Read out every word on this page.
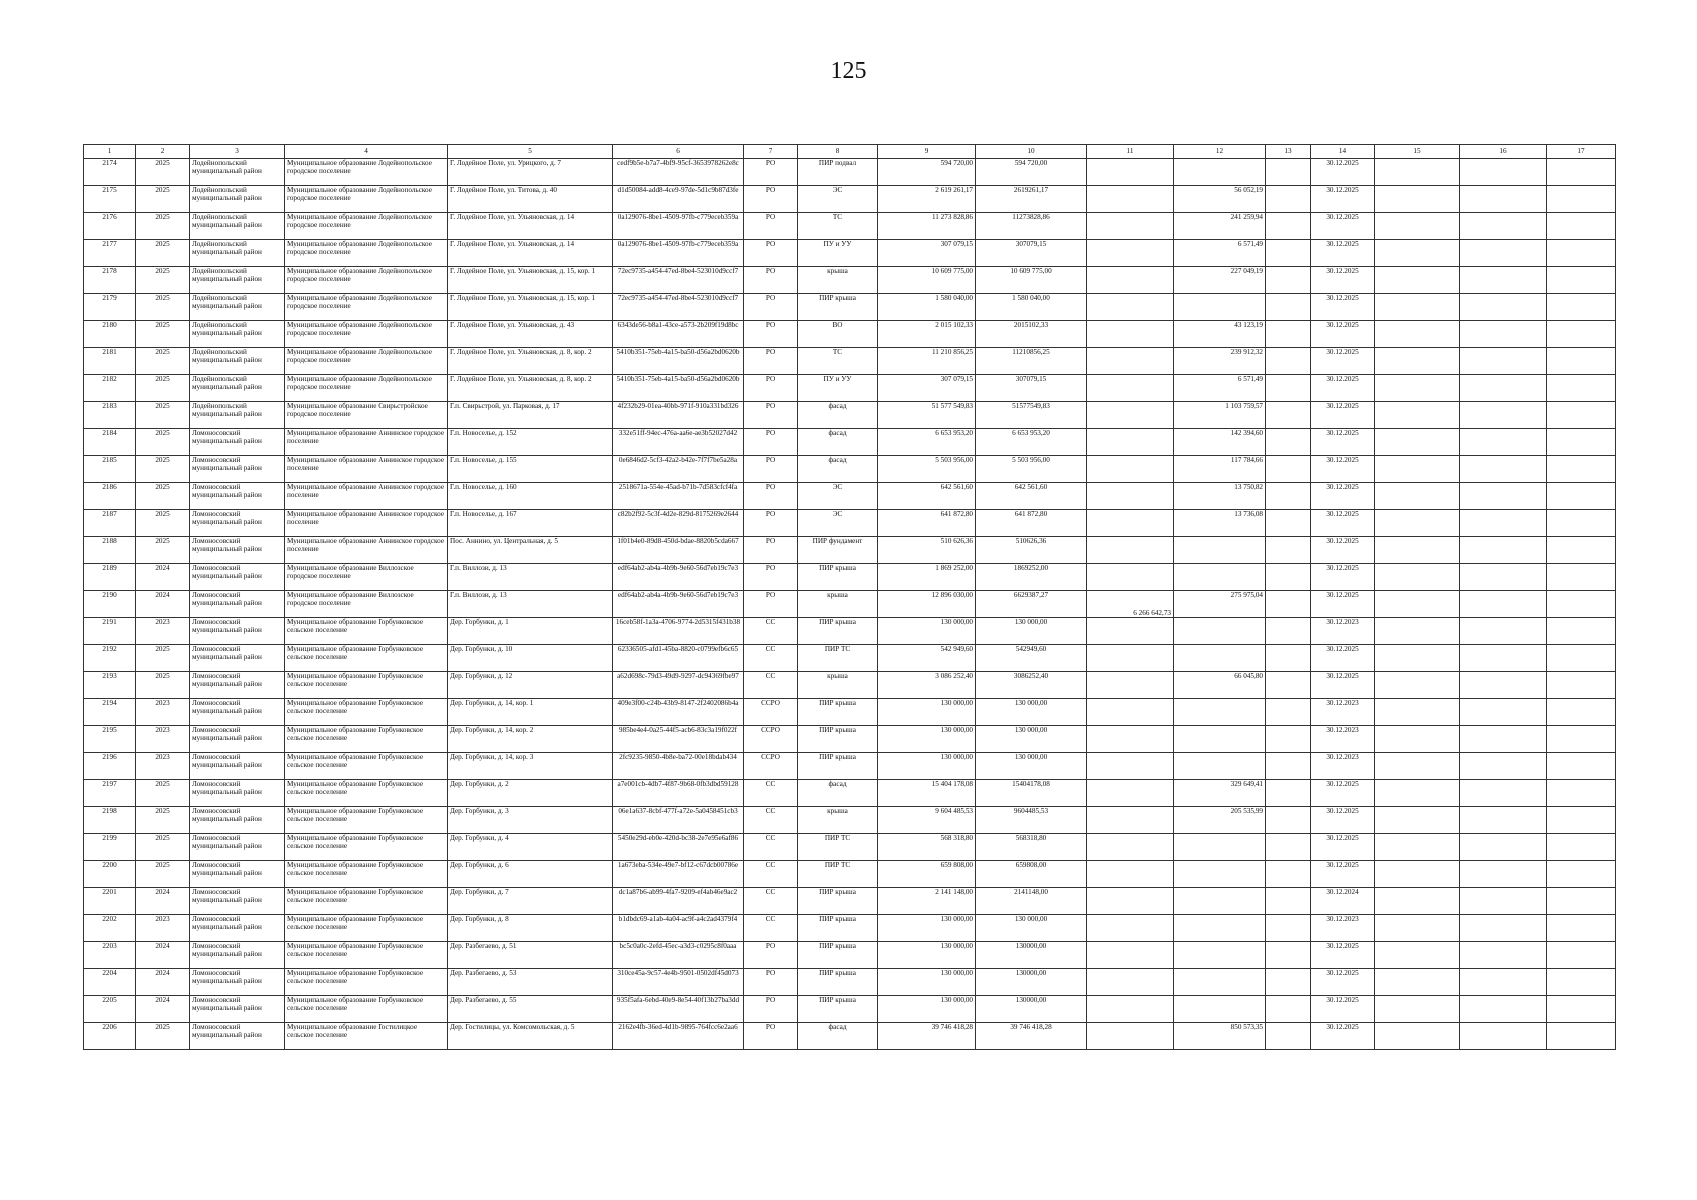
125
1	2	3	4	5	6	7	8	9	10	11	12	13	14	15	16	17
2174	2025	Лодейнопольский муниципальный район	Муниципальное образование Лодейнопольское городское поселение	Г. Лодейное Поле, ул. Урицкого, д. 7	cedf9b5e-b7a7-4bf9-95cf-3653978262e8c	РО	ПИР подвал	594 720,00	594 720,00				30.12.2025			
2175	2025	Лодейнопольский муниципальный район	Муниципальное образование Лодейнопольское городское поселение	Г. Лодейное Поле, ул. Титова, д. 40	d1d50084-add8-4ce9-97de-5d1c9b87d3fe	РО	ЭС	2 619 261,17	2619261,17		56 052,19		30.12.2025			
2176	2025	Лодейнопольский муниципальный район	Муниципальное образование Лодейнопольское городское поселение	Г. Лодейное Поле, ул. Ульяновская, д. 14	0a129076-8be1-4509-97fb-c779eceb359a	РО	ТС	11 273 828,86	11273828,86		241 259,94		30.12.2025			
2177	2025	Лодейнопольский муниципальный район	Муниципальное образование Лодейнопольское городское поселение	Г. Лодейное Поле, ул. Ульяновская, д. 14	0a129076-8be1-4509-97fb-c779eceb359a	РО	ПУ и УУ	307 079,15	307079,15		6 571,49		30.12.2025			
2178	2025	Лодейнопольский муниципальный район	Муниципальное образование Лодейнопольское городское поселение	Г. Лодейное Поле, ул. Ульяновская, д. 15, кор. 1	72ec9735-a454-47ed-8be4-523010d9ccf7	РО	крыша	10 609 775,00	10 609 775,00		227 049,19		30.12.2025			
2179	2025	Лодейнопольский муниципальный район	Муниципальное образование Лодейнопольское городское поселение	Г. Лодейное Поле, ул. Ульяновская, д. 15, кор. 1	72ec9735-a454-47ed-8be4-523010d9ccf7	РО	ПИР крыша	1 580 040,00	1 580 040,00				30.12.2025			
2180	2025	Лодейнопольский муниципальный район	Муниципальное образование Лодейнопольское городское поселение	Г. Лодейное Поле, ул. Ульяновская, д. 43	6343de56-b8a1-43ce-a573-2b209f19d8bc	РО	ВО	2 015 102,33	2015102,33		43 123,19		30.12.2025			
2181	2025	Лодейнопольский муниципальный район	Муниципальное образование Лодейнопольское городское поселение	Г. Лодейное Поле, ул. Ульяновская, д. 8, кор. 2	5410b351-75eb-4a15-ba50-d56a2bd0620b	РО	ТС	11 210 856,25	11210856,25		239 912,32		30.12.2025			
2182	2025	Лодейнопольский муниципальный район	Муниципальное образование Лодейнопольское городское поселение	Г. Лодейное Поле, ул. Ульяновская, д. 8, кор. 2	5410b351-75eb-4a15-ba50-d56a2bd0620b	РО	ПУ и УУ	307 079,15	307079,15		6 571,49		30.12.2025			
2183	2025	Лодейнопольский муниципальный район	Муниципальное образование Свирьстройское городское поселение	Г.п. Свирьстрой, ул. Парковая, д. 17	4f232b29-01ea-40bb-971f-910a331bd326	РО	фасад	51 577 549,83	51577549,83		1 103 759,57		30.12.2025			
2184	2025	Ломоносовский муниципальный район	Муниципальное образование Аннинское городское поселение	Г.п. Новоселье, д. 152	332e51ff-94ec-476a-aa6e-ae3b52027d42	РО	фасад	6 653 953,20	6 653 953,20		142 394,60		30.12.2025			
2185	2025	Ломоносовский муниципальный район	Муниципальное образование Аннинское городское поселение	Г.п. Новоселье, д. 155	0e6846d2-5cf3-42a2-b42e-7f7f7be5a28a	РО	фасад	5 503 956,00	5 503 956,00		117 784,66		30.12.2025			
2186	2025	Ломоносовский муниципальный район	Муниципальное образование Аннинское городское поселение	Г.п. Новоселье, д. 160	2518671a-554e-45ad-b71b-7d583cfcf4fa	РО	ЭС	642 561,60	642 561,60		13 750,82		30.12.2025			
2187	2025	Ломоносовский муниципальный район	Муниципальное образование Аннинское городское поселение	Г.п. Новоселье, д. 167	c82b2f92-5c3f-4d2e-829d-8175269e2644	РО	ЭС	641 872,80	641 872,80		13 736,08		30.12.2025			
2188	2025	Ломоносовский муниципальный район	Муниципальное образование Аннинское городское поселение	Пос. Аннино, ул. Центральная, д. 5	1f01b4e0-89d8-450d-bdae-8820b5cda667	РО	ПИР фундамент	510 626,36	510626,36				30.12.2025			
2189	2024	Ломоносовский муниципальный район	Муниципальное образование Виллозское городское поселение	Г.п. Виллози, д. 13	edf64ab2-ab4a-4b9b-9e60-56d7eb19c7e3	РО	ПИР крыша	1 869 252,00	1869252,00				30.12.2025			
2190	2024	Ломоносовский муниципальный район	Муниципальное образование Виллозское городское поселение	Г.п. Виллози, д. 13	edf64ab2-ab4a-4b9b-9e60-56d7eb19c7e3	РО	крыша	12 896 030,00	6629387,27	6 266 642,73	275 975,04		30.12.2025			
2191	2023	Ломоносовский муниципальный район	Муниципальное образование Горбунковское сельское поселение	Дер. Горбунки, д. 1	16ceb58f-1a3a-4706-9774-2d5315f431b38	СС	ПИР крыша	130 000,00	130 000,00				30.12.2023			
2192	2025	Ломоносовский муниципальный район	Муниципальное образование Горбунковское сельское поселение	Дер. Горбунки, д. 10	62336505-afd1-45ba-8820-c0799efb6c65	СС	ПИР ТС	542 949,60	542949,60				30.12.2025			
2193	2025	Ломоносовский муниципальный район	Муниципальное образование Горбунковское сельское поселение	Дер. Горбунки, д. 12	a62d698c-79d3-49d9-9297-dc94369fbe97	СС	крыша	3 086 252,40	3086252,40		66 045,80		30.12.2025			
2194	2023	Ломоносовский муниципальный район	Муниципальное образование Горбунковское сельское поселение	Дер. Горбунки, д. 14, кор. 1	409e3f00-c24b-43b9-8147-2f2402086b4a	ССРО	ПИР крыша	130 000,00	130 000,00				30.12.2023			
2195	2023	Ломоносовский муниципальный район	Муниципальное образование Горбунковское сельское поселение	Дер. Горбунки, д. 14, кор. 2	985be4e4-0a25-44f5-acb6-83c3a19f022f	ССРО	ПИР крыша	130 000,00	130 000,00				30.12.2023			
2196	2023	Ломоносовский муниципальный район	Муниципальное образование Горбунковское сельское поселение	Дер. Горбунки, д. 14, кор. 3	2fc9235-9850-4b8e-ba72-00e18bdab434	ССРО	ПИР крыша	130 000,00	130 000,00				30.12.2023			
2197	2025	Ломоносовский муниципальный район	Муниципальное образование Горбунковское сельское поселение	Дер. Горбунки, д. 2	a7e001cb-4db7-4f87-9b68-0fb3dbd59128	СС	фасад	15 404 178,08	15404178,08		329 649,41		30.12.2025			
2198	2025	Ломоносовский муниципальный район	Муниципальное образование Горбунковское сельское поселение	Дер. Горбунки, д. 3	06e1a637-8cbf-477f-a72e-5a0458451cb3	СС	крыша	9 604 485,53	9604485,53		205 535,99		30.12.2025			
2199	2025	Ломоносовский муниципальный район	Муниципальное образование Горбунковское сельское поселение	Дер. Горбунки, д. 4	5450e29d-eb0e-420d-bc38-2e7e95e6af86	СС	ПИР ТС	568 318,80	568318,80				30.12.2025			
2200	2025	Ломоносовский муниципальный район	Муниципальное образование Горбунковское сельское поселение	Дер. Горбунки, д. 6	1a673eba-534e-49e7-bf12-c67dcb00786e	СС	ПИР ТС	659 808,00	659808,00				30.12.2025			
2201	2024	Ломоносовский муниципальный район	Муниципальное образование Горбунковское сельское поселение	Дер. Горбунки, д. 7	dc1a87b6-ab99-4fa7-9209-ef4ab46e9ac2	СС	ПИР крыша	2 141 148,00	2141148,00				30.12.2024			
2202	2023	Ломоносовский муниципальный район	Муниципальное образование Горбунковское сельское поселение	Дер. Горбунки, д. 8	b1dbdc69-a1ab-4a04-ac9f-a4c2ad4379f4	СС	ПИР крыша	130 000,00	130 000,00				30.12.2023			
2203	2024	Ломоносовский муниципальный район	Муниципальное образование Горбунковское сельское поселение	Дер. Разбегаево, д. 51	bc5c0a0c-2efd-45ec-a3d3-c0295c8f0aaa	РО	ПИР крыша	130 000,00	130000,00				30.12.2025			
2204	2024	Ломоносовский муниципальный район	Муниципальное образование Горбунковское сельское поселение	Дер. Разбегаево, д. 53	310ce45a-9c57-4e4b-9501-0502df45d073	РО	ПИР крыша	130 000,00	130000,00				30.12.2025			
2205	2024	Ломоносовский муниципальный район	Муниципальное образование Горбунковское сельское поселение	Дер. Разбегаево, д. 55	935f5afa-6ebd-40e9-8e54-40f13b27ba3dd	РО	ПИР крыша	130 000,00	130000,00				30.12.2025			
2206	2025	Ломоносовский муниципальный район	Муниципальное образование Гостилицкое сельское поселение	Дер. Гостилицы, ул. Комсомольская, д. 5	2162e4fb-36ed-4d1b-9895-764fcc6e2aa6	РО	фасад	39 746 418,28	39 746 418,28		850 573,35		30.12.2025			
